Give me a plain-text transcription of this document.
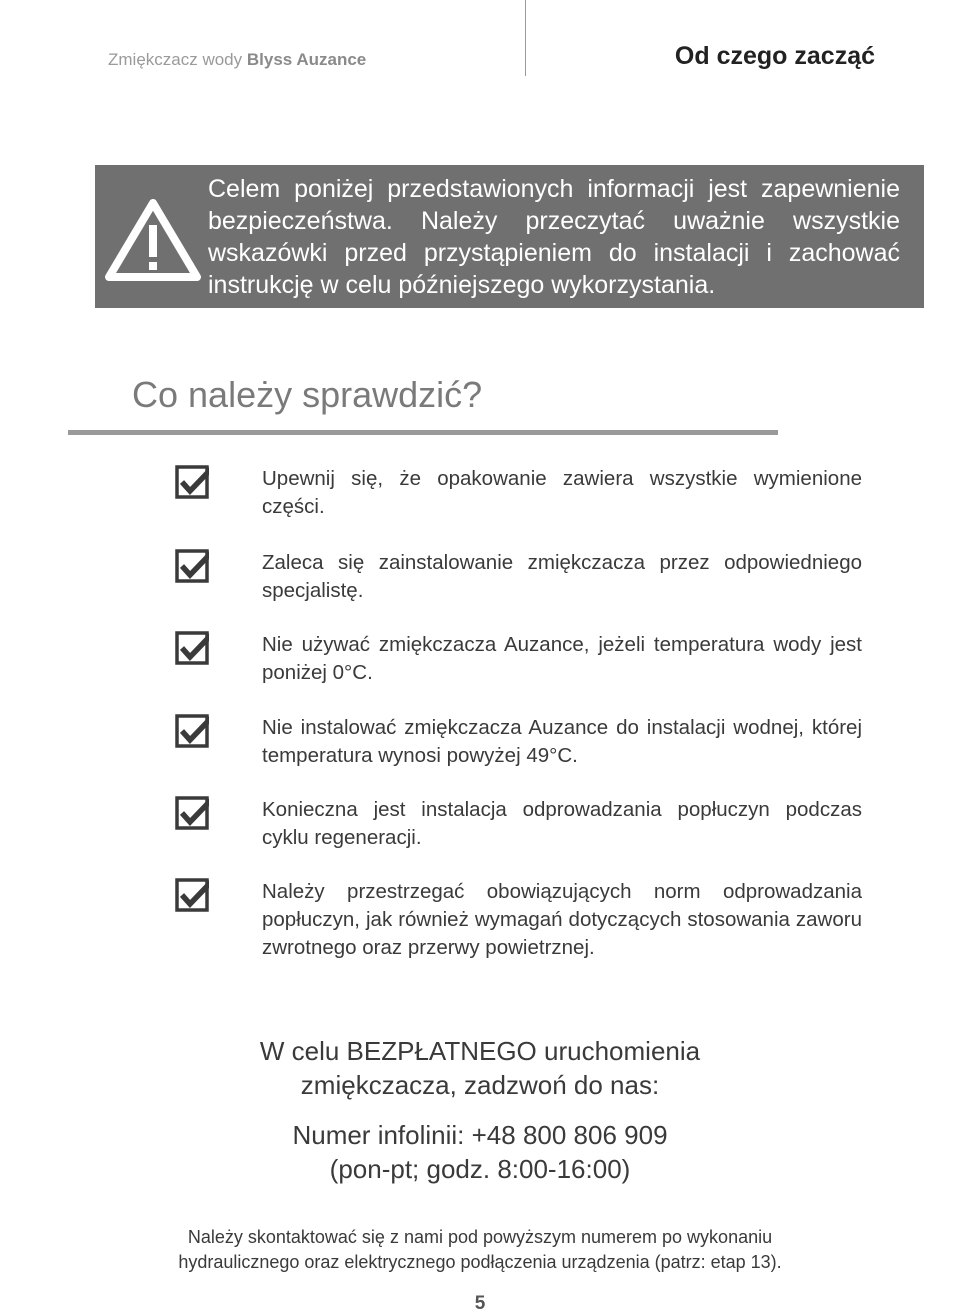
Zmiękczacz wody Blyss Auzance	Od czego zacząć
Celem poniżej przedstawionych informacji jest zapewnienie bezpieczeństwa. Należy przeczytać uważnie wszystkie wskazówki przed przystąpieniem do instalacji i zachować instrukcję w celu późniejszego wykorzystania.
Co należy sprawdzić?
Upewnij się, że opakowanie zawiera wszystkie wymienione części.
Zaleca się zainstalowanie zmiękczacza przez odpowiedniego specjalistę.
Nie używać zmiękczacza Auzance, jeżeli temperatura wody jest poniżej 0°C.
Nie instalować zmiękczacza Auzance do instalacji wodnej, której temperatura wynosi powyżej 49°C.
Konieczna jest instalacja odprowadzania popłuczyn podczas cyklu regeneracji.
Należy przestrzegać obowiązujących norm odprowadzania popłuczyn, jak również wymagań dotyczących stosowania zaworu zwrotnego oraz przerwy powietrznej.
W celu BEZPŁATNEGO uruchomienia
zmiękczacza, zadzwoń do nas:
Numer infolinii: +48 800 806 909
(pon-pt; godz. 8:00-16:00)
Należy skontaktować się z nami pod powyższym numerem po wykonaniu
hydraulicznego oraz elektrycznego podłączenia urządzenia (patrz: etap 13).
5
